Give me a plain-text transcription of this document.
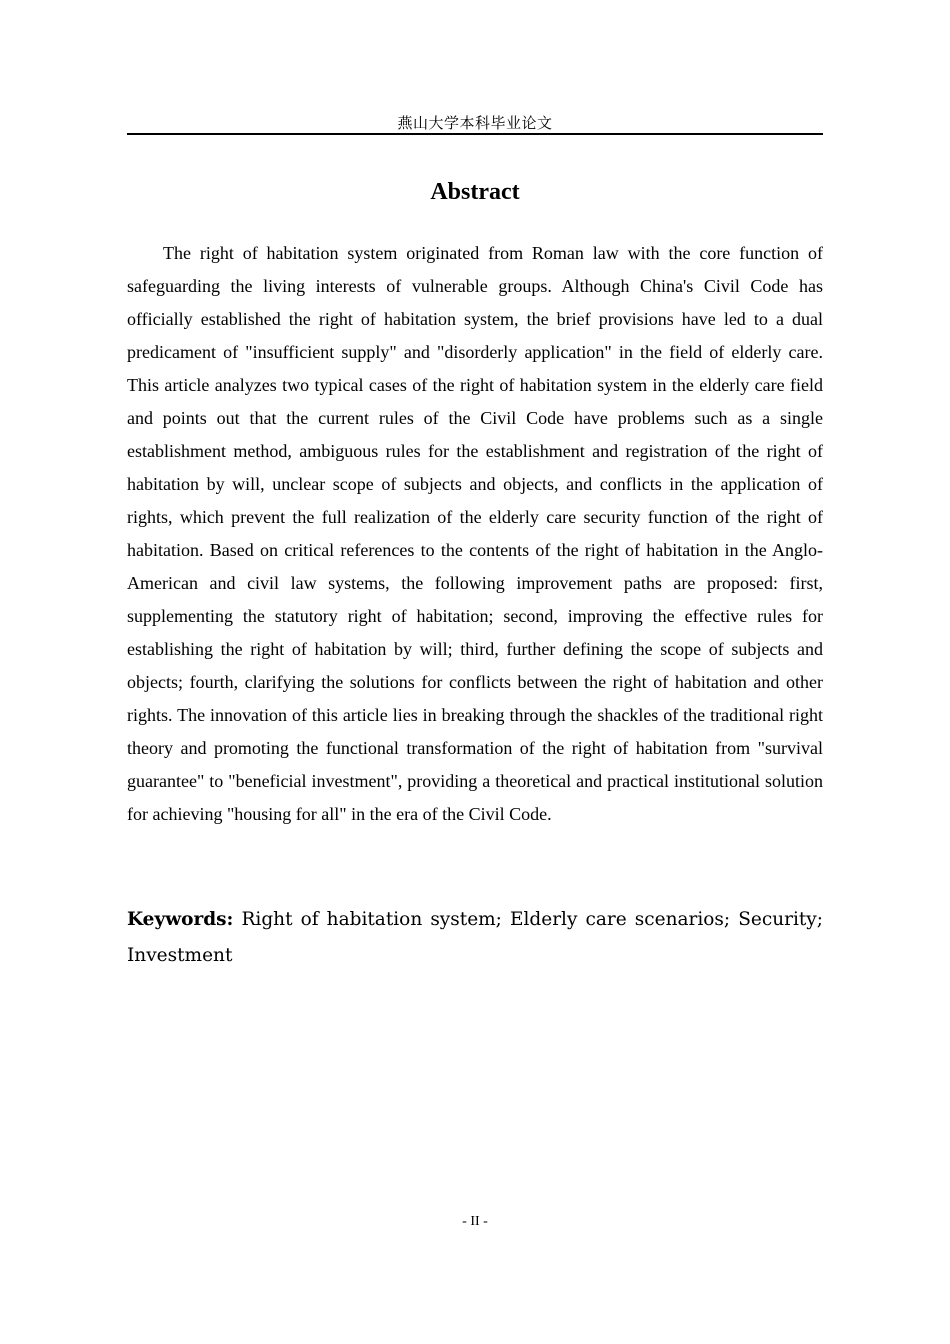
燕山大学本科毕业论文
Abstract

The right of habitation system originated from Roman law with the core function of safeguarding the living interests of vulnerable groups. Although China's Civil Code has officially established the right of habitation system, the brief provisions have led to a dual predicament of "insufficient supply" and "disorderly application" in the field of elderly care. This article analyzes two typical cases of the right of habitation system in the elderly care field and points out that the current rules of the Civil Code have problems such as a single establishment method, ambiguous rules for the establishment and registration of the right of habitation by will, unclear scope of subjects and objects, and conflicts in the application of rights, which prevent the full realization of the elderly care security function of the right of habitation. Based on critical references to the contents of the right of habitation in the Anglo-American and civil law systems, the following improvement paths are proposed: first, supplementing the statutory right of habitation; second, improving the effective rules for establishing the right of habitation by will; third, further defining the scope of subjects and objects; fourth, clarifying the solutions for conflicts between the right of habitation and other rights. The innovation of this article lies in breaking through the shackles of the traditional right theory and promoting the functional transformation of the right of habitation from "survival guarantee" to "beneficial investment", providing a theoretical and practical institutional solution for achieving "housing for all" in the era of the Civil Code.

Keywords: Right of habitation system; Elderly care scenarios; Security; Investment

- II -
